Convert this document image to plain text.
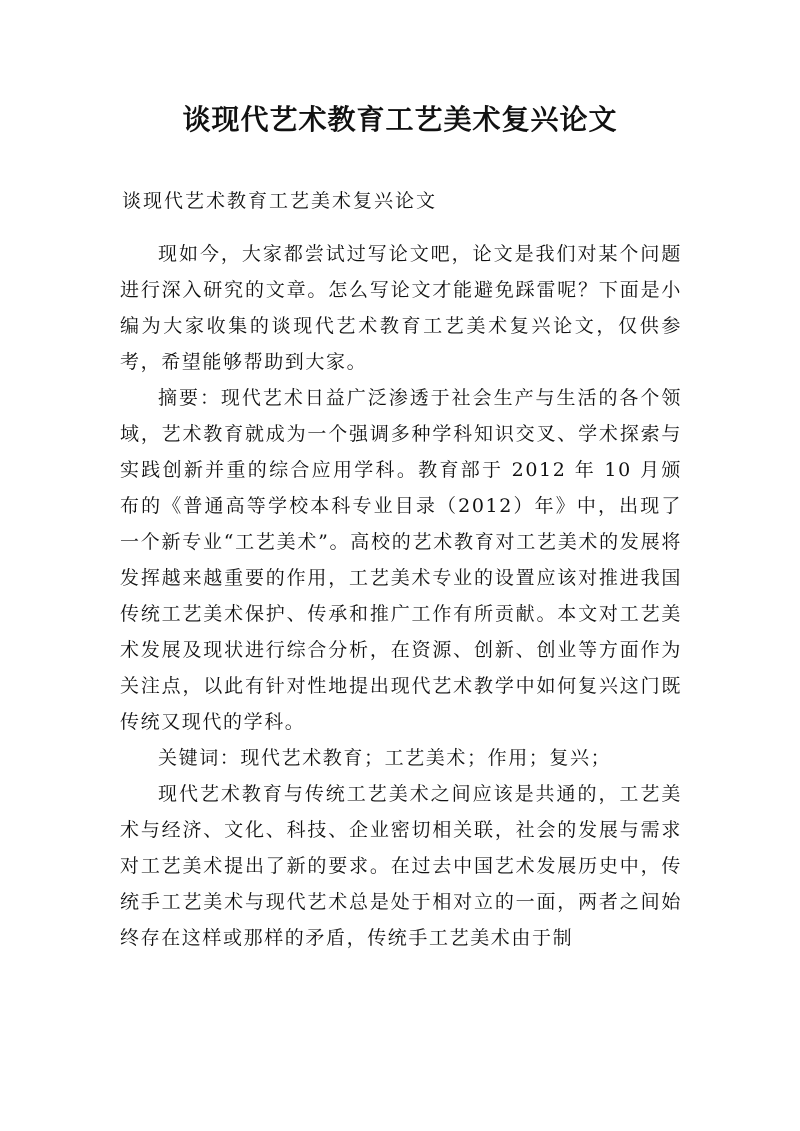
谈现代艺术教育工艺美术复兴论文

谈现代艺术教育工艺美术复兴论文

现如今，大家都尝试过写论文吧，论文是我们对某个问题进行深入研究的文章。怎么写论文才能避免踩雷呢？下面是小编为大家收集的谈现代艺术教育工艺美术复兴论文，仅供参考，希望能够帮助到大家。

摘要：现代艺术日益广泛渗透于社会生产与生活的各个领域，艺术教育就成为一个强调多种学科知识交叉、学术探索与实践创新并重的综合应用学科。教育部于 2012 年 10 月颁布的《普通高等学校本科专业目录（2012）年》中，出现了一个新专业“工艺美术”。高校的艺术教育对工艺美术的发展将发挥越来越重要的作用，工艺美术专业的设置应该对推进我国传统工艺美术保护、传承和推广工作有所贡献。本文对工艺美术发展及现状进行综合分析，在资源、创新、创业等方面作为关注点，以此有针对性地提出现代艺术教学中如何复兴这门既传统又现代的学科。

关键词：现代艺术教育；工艺美术；作用；复兴；

现代艺术教育与传统工艺美术之间应该是共通的，工艺美术与经济、文化、科技、企业密切相关联，社会的发展与需求对工艺美术提出了新的要求。在过去中国艺术发展历史中，传统手工艺美术与现代艺术总是处于相对立的一面，两者之间始终存在这样或那样的矛盾，传统手工艺美术由于制
